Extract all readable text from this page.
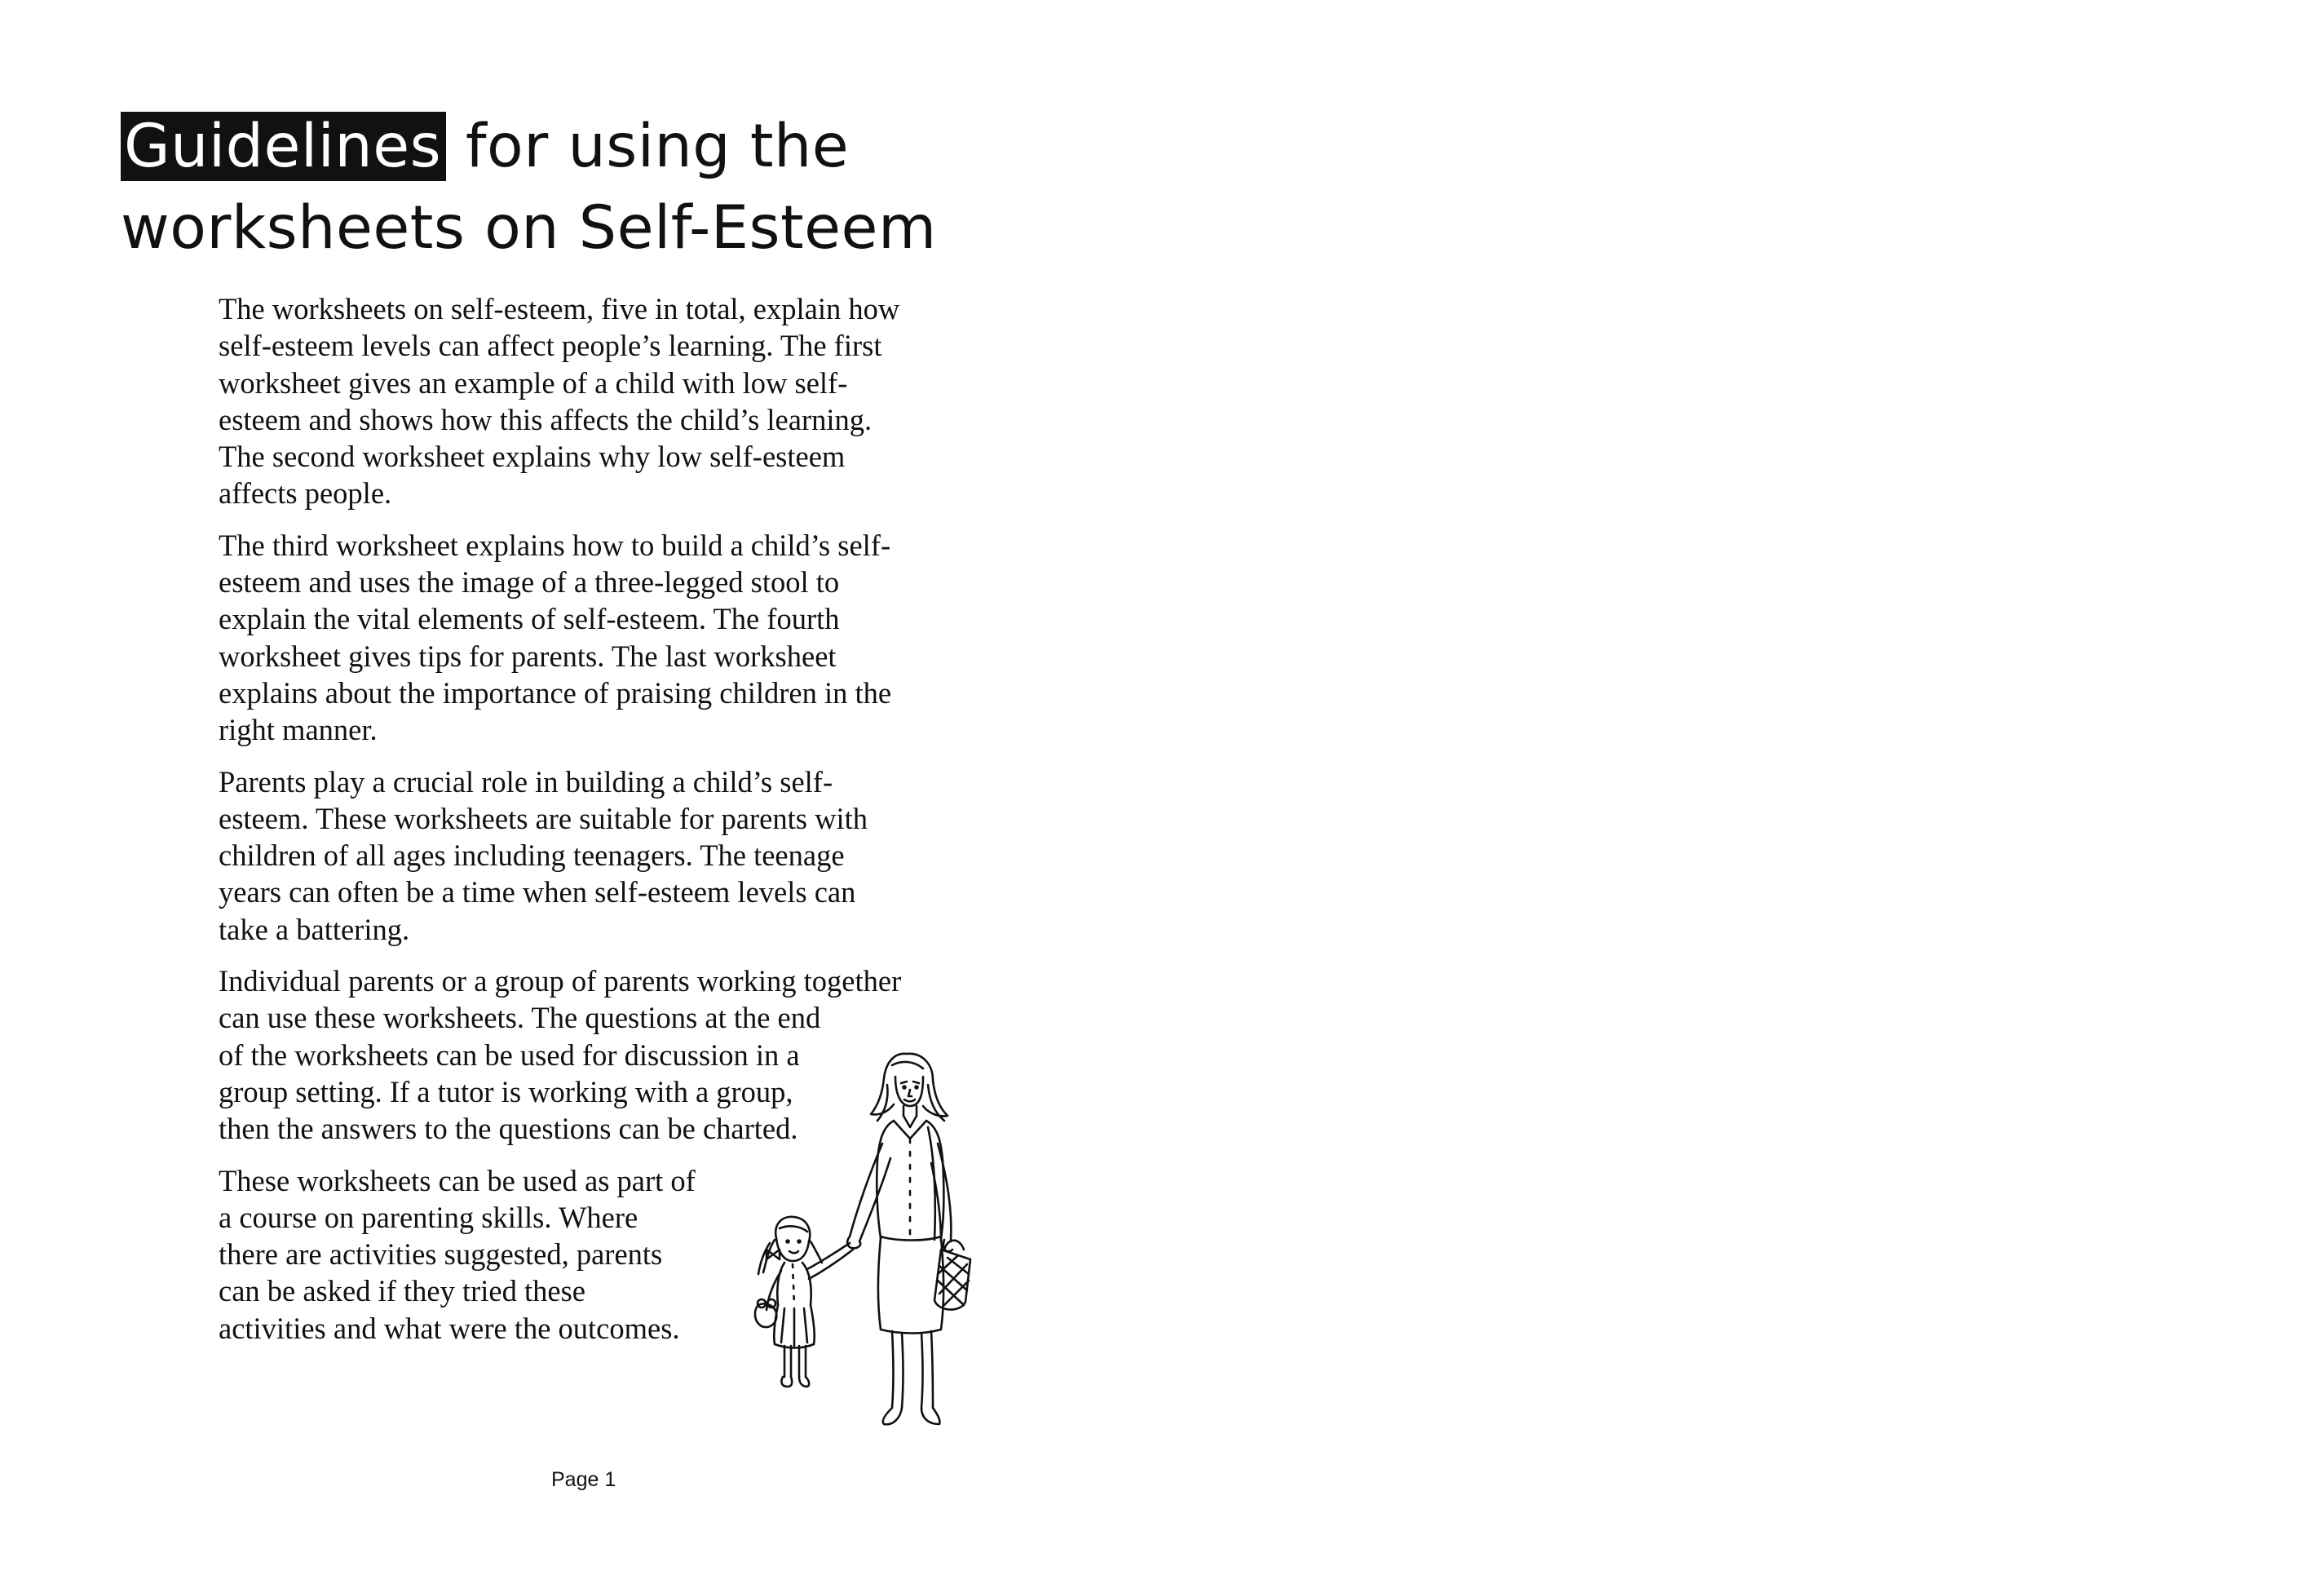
Guidelines for using the
worksheets on Self-Esteem

The worksheets on self-esteem, five in total, explain how
self-esteem levels can affect people’s learning. The first
worksheet gives an example of a child with low self-
esteem and shows how this affects the child’s learning.
The second worksheet explains why low self-esteem
affects people.

The third worksheet explains how to build a child’s self-
esteem and uses the image of a three-legged stool to
explain the vital elements of self-esteem. The fourth
worksheet gives tips for parents. The last worksheet
explains about the importance of praising children in the
right manner.

Parents play a crucial role in building a child’s self-
esteem. These worksheets are suitable for parents with
children of all ages including teenagers. The teenage
years can often be a time when self-esteem levels can
take a battering.

Individual parents or a group of parents working together
can use these worksheets. The questions at the end
of the worksheets can be used for discussion in a
group setting. If a tutor is working with a group,
then the answers to the questions can be charted.

These worksheets can be used as part of
a course on parenting skills. Where
there are activities suggested, parents
can be asked if they tried these
activities and what were the outcomes.

Page 1
